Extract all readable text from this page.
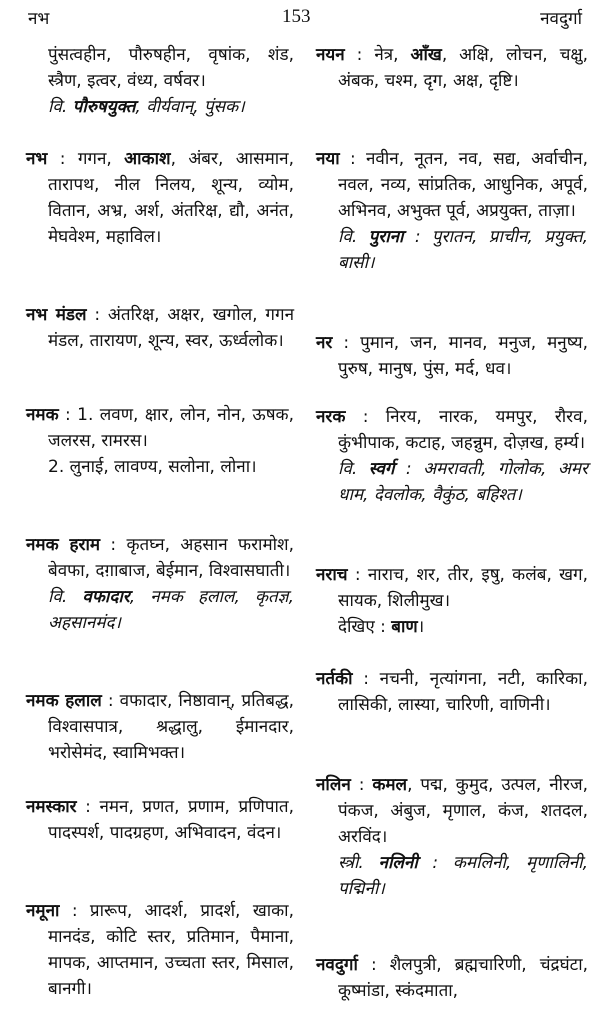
नभ	153	नवदुर्गा
पुंसत्वहीन, पौरुषहीन, वृषांक, शंड, स्त्रैण, इत्वर, वंध्य, वर्षवर।
वि. पौरुषयुक्त, वीर्यवान्, पुंसक।
नभ : गगन, आकाश, अंबर, आसमान, तारापथ, नील निलय, शून्य, व्योम, वितान, अभ्र, अर्श, अंतरिक्ष, द्यौ, अनंत, मेघवेश्म, महाविल।
नभ मंडल : अंतरिक्ष, अक्षर, खगोल, गगन मंडल, तारायण, शून्य, स्वर, ऊर्ध्वलोक।
नमक : 1. लवण, क्षार, लोन, नोन, ऊषक, जलरस, रामरस।
2. लुनाई, लावण्य, सलोना, लोना।
नमक हराम : कृतघ्न, अहसान फरामोश, बेवफा, दग़ाबाज, बेईमान, विश्वासघाती।
वि. वफादार, नमक हलाल, कृतज्ञ, अहसानमंद।
नमक हलाल : वफादार, निष्ठावान्, प्रतिबद्ध, विश्वासपात्र, श्रद्धालु, ईमानदार, भरोसेमंद, स्वामिभक्त।
नमस्कार : नमन, प्रणत, प्रणाम, प्रणिपात, पादस्पर्श, पादग्रहण, अभिवादन, वंदन।
नमूना : प्रारूप, आदर्श, प्रादर्श, खाका, मानदंड, कोटि स्तर, प्रतिमान, पैमाना, मापक, आप्तमान, उच्चता स्तर, मिसाल, बानगी।
नयन : नेत्र, आँख, अक्षि, लोचन, चक्षु, अंबक, चश्म, दृग, अक्ष, दृष्टि।
नया : नवीन, नूतन, नव, सद्य, अर्वाचीन, नवल, नव्य, सांप्रतिक, आधुनिक, अपूर्व, अभिनव, अभुक्त पूर्व, अप्रयुक्त, ताज़ा।
वि. पुराना : पुरातन, प्राचीन, प्रयुक्त, बासी।
नर : पुमान, जन, मानव, मनुज, मनुष्य, पुरुष, मानुष, पुंस, मर्द, धव।
नरक : निरय, नारक, यमपुर, रौरव, कुंभीपाक, कटाह, जहन्नुम, दोज़ख, हर्म्य।
वि. स्वर्ग : अमरावती, गोलोक, अमर धाम, देवलोक, वैकुंठ, बहिश्त।
नराच : नाराच, शर, तीर, इषु, कलंब, खग, सायक, शिलीमुख।
देखिए : बाण।
नर्तकी : नचनी, नृत्यांगना, नटी, कारिका, लासिकी, लास्या, चारिणी, वाणिनी।
नलिन : कमल, पद्म, कुमुद, उत्पल, नीरज, पंकज, अंबुज, मृणाल, कंज, शतदल, अरविंद।
स्त्री. नलिनी : कमलिनी, मृणालिनी, पद्मिनी।
नवदुर्गा : शैलपुत्री, ब्रह्मचारिणी, चंद्रघंटा, कूष्मांडा, स्कंदमाता,
